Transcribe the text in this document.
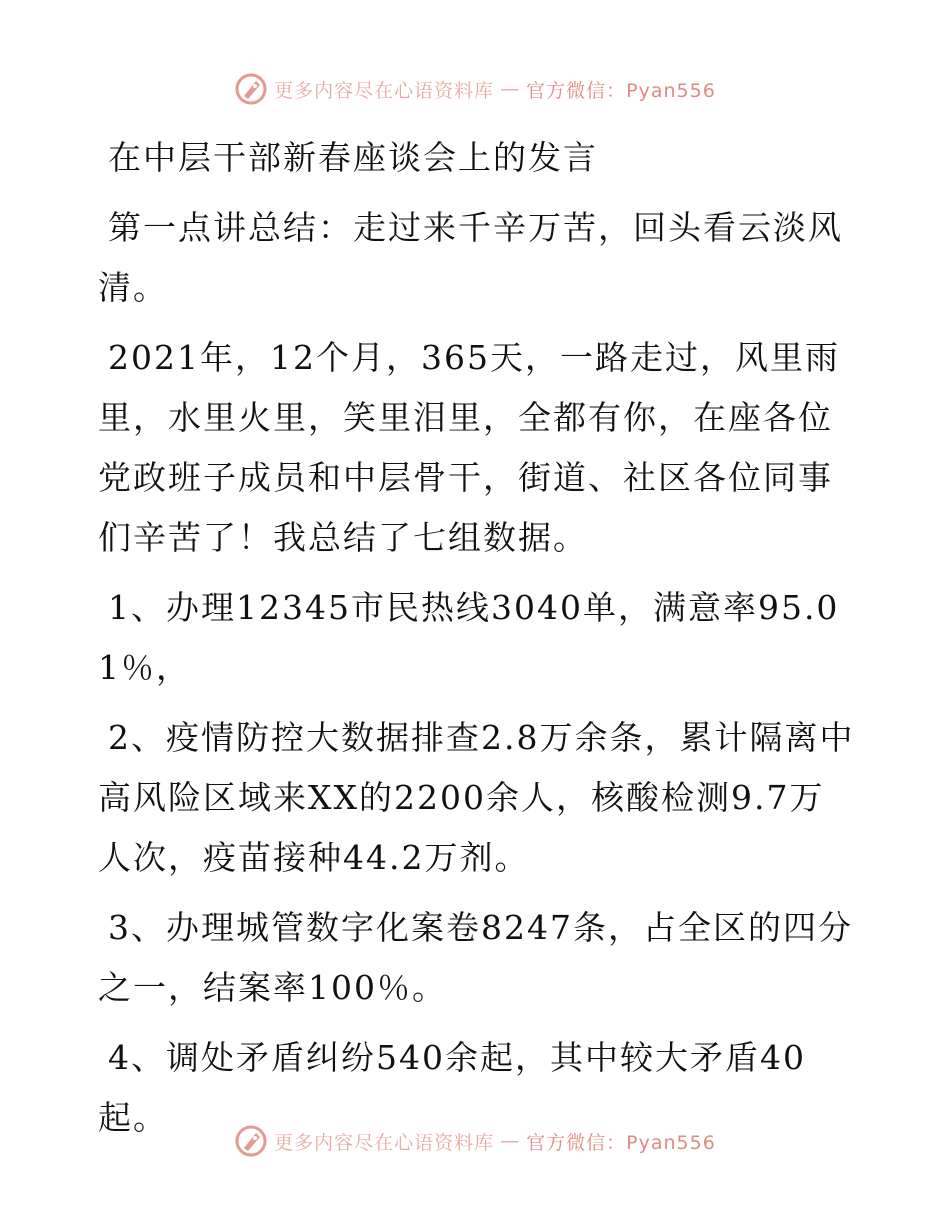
更多内容尽在心语资料库 — 官方微信：Pyan556

在中层干部新春座谈会上的发言

第一点讲总结：走过来千辛万苦，回头看云淡风清。

2021年，12个月，365天，一路走过，风里雨里，水里火里，笑里泪里，全都有你，在座各位党政班子成员和中层骨干，街道、社区各位同事们辛苦了！我总结了七组数据。

1、办理12345市民热线3040单，满意率95.01％，

2、疫情防控大数据排查2.8万余条，累计隔离中高风险区域来XX的2200余人，核酸检测9.7万人次，疫苗接种44.2万剂。

3、办理城管数字化案卷8247条，占全区的四分之一，结案率100％。

4、调处矛盾纠纷540余起，其中较大矛盾40起。

更多内容尽在心语资料库 — 官方微信：Pyan556
